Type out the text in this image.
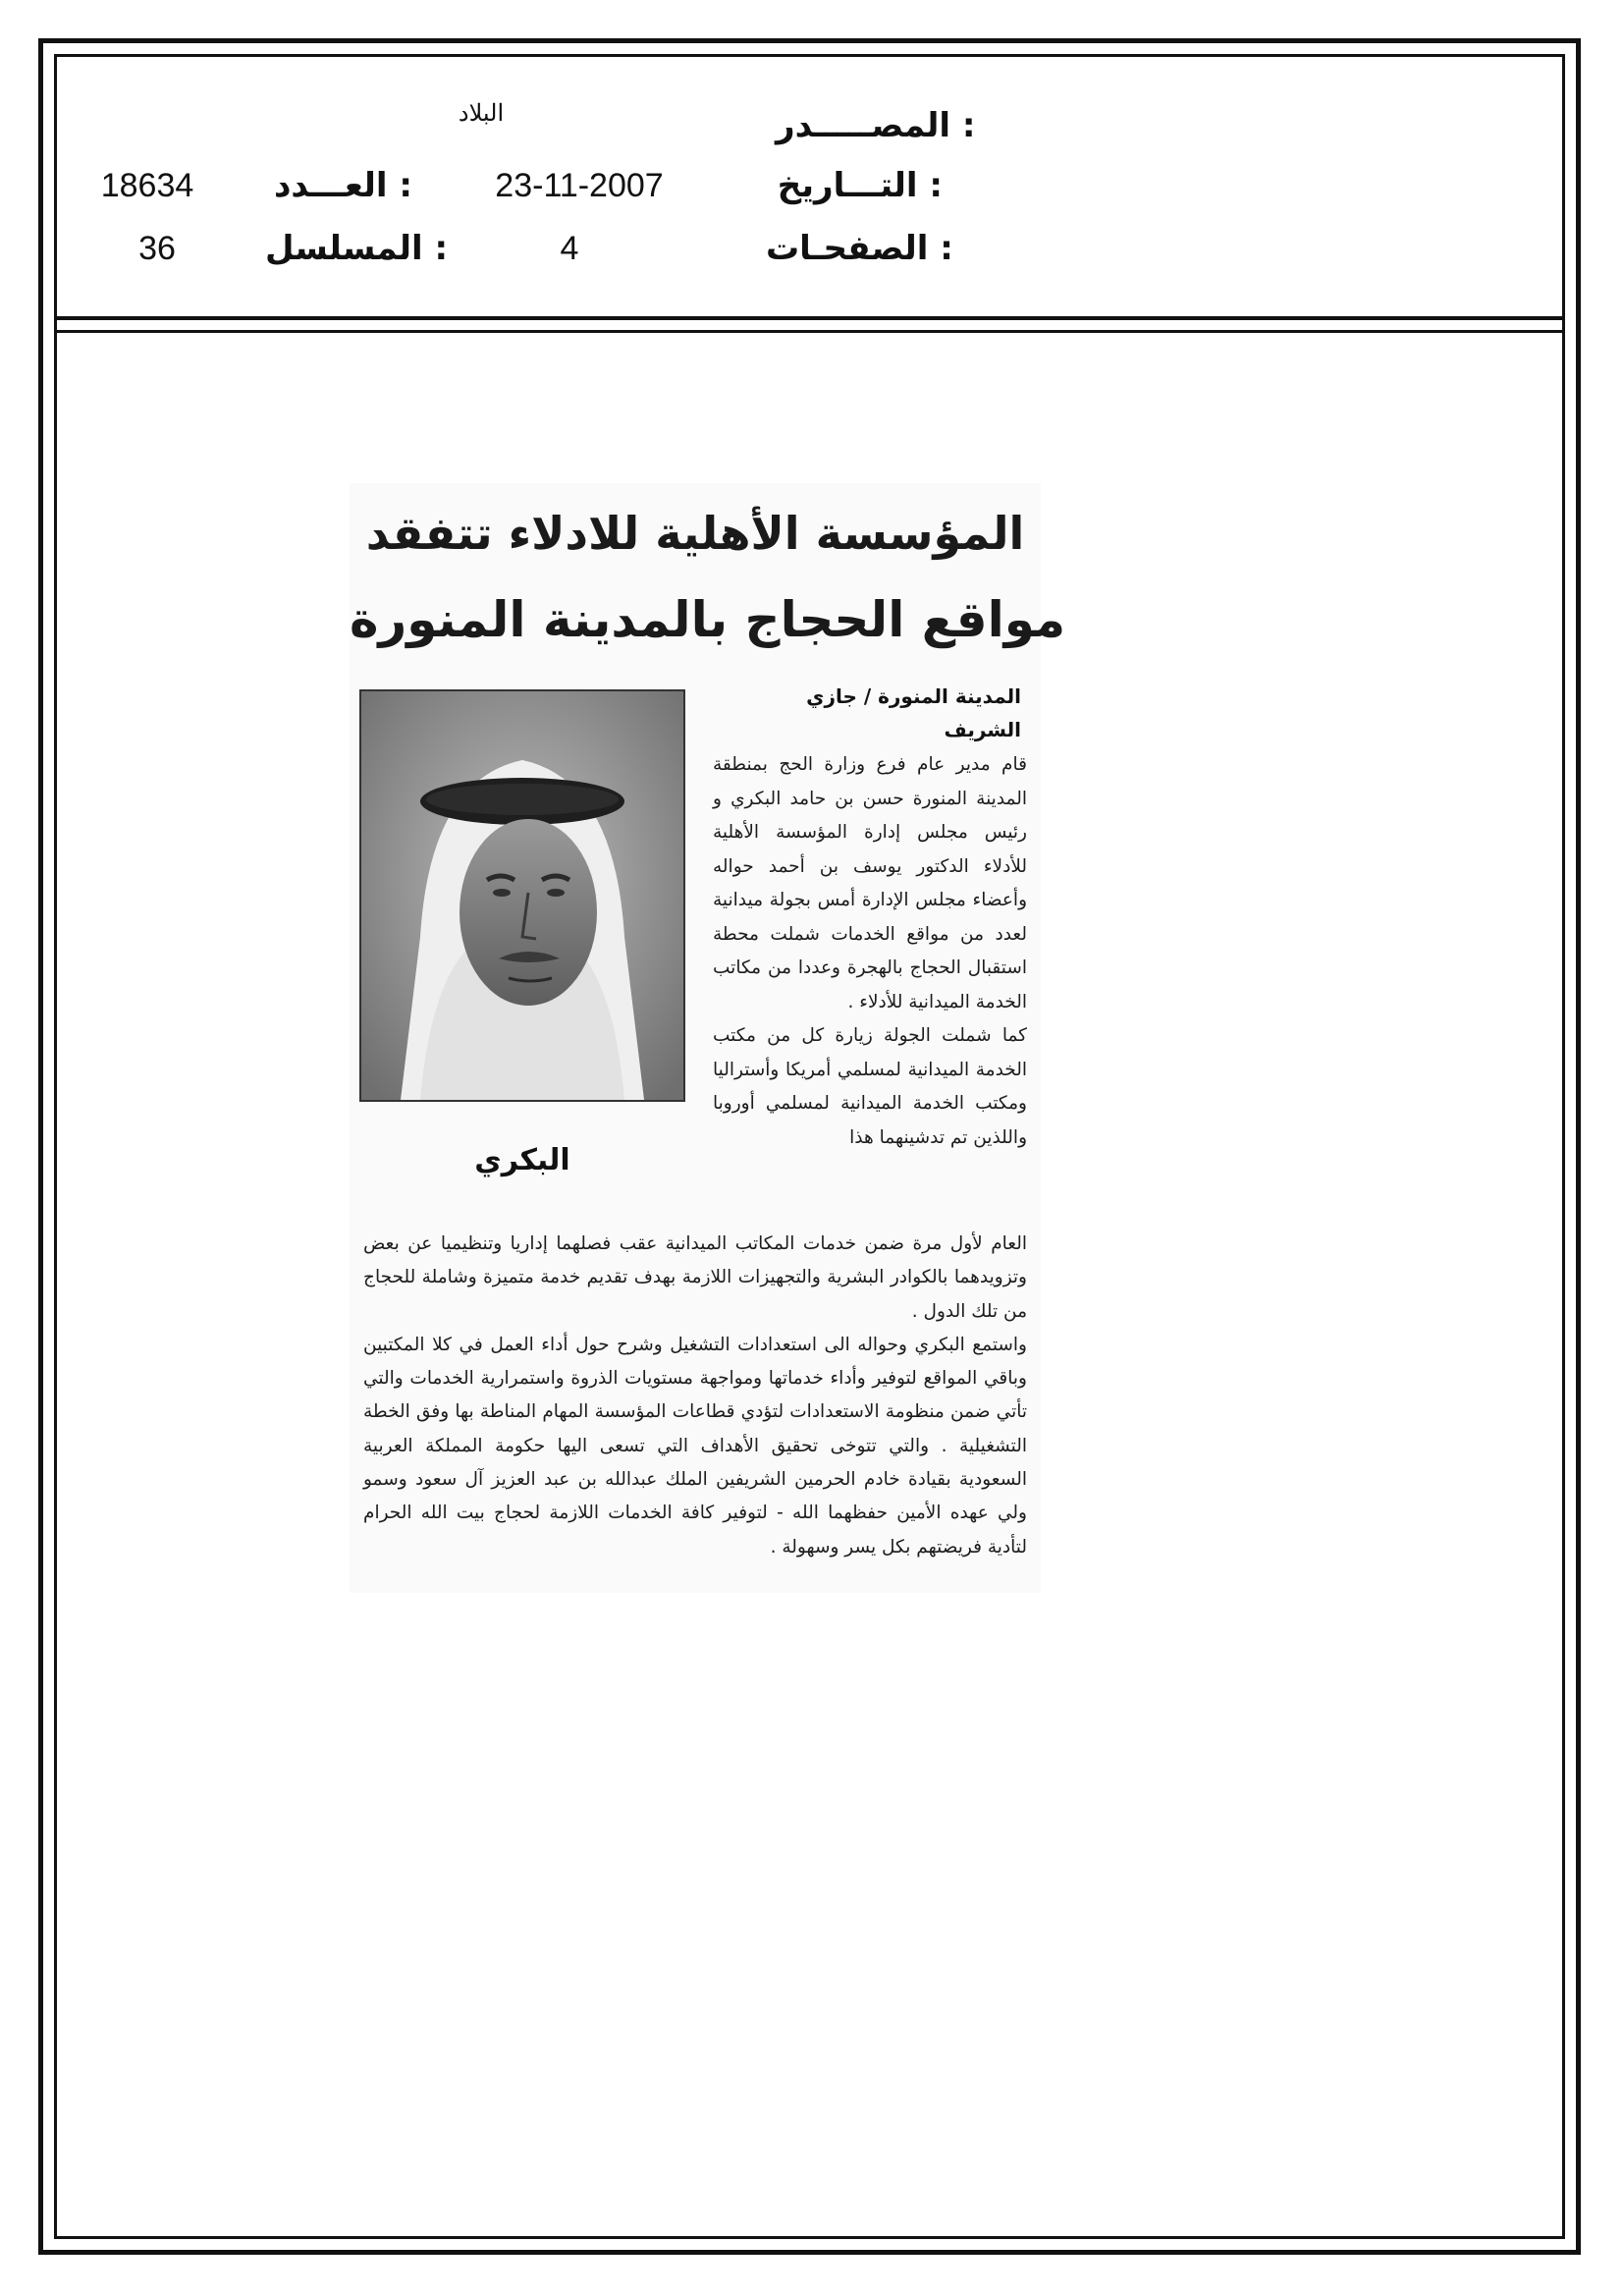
المصـــــدر :
البلاد
التـــاريخ :
23-11-2007
العـــدد :
18634
الصفحـات :
4
المسلسل :
36
المؤسسة الأهلية للادلاء تتفقد
مواقع الحجاج بالمدينة المنورة
البكري
المدينة المنورة / جازي
الشريف

قام مدير عام فرع وزارة الحج بمنطقة المدينة المنورة حسن بن حامد البكري و رئيس مجلس إدارة المؤسسة الأهلية للأدلاء الدكتور يوسف بن أحمد حواله وأعضاء مجلس الإدارة أمس بجولة ميدانية لعدد من مواقع الخدمات شملت محطة استقبال الحجاج بالهجرة وعددا من مكاتب الخدمة الميدانية للأدلاء .

كما شملت الجولة زيارة كل من مكتب الخدمة الميدانية لمسلمي أمريكا وأستراليا ومكتب الخدمة الميدانية لمسلمي أوروبا واللذين تم تدشينهما هذا

العام لأول مرة ضمن خدمات المكاتب الميدانية عقب فصلهما إداريا وتنظيميا عن بعض وتزويدهما بالكوادر البشرية والتجهيزات اللازمة بهدف تقديم خدمة متميزة وشاملة للحجاج من تلك الدول .

واستمع البكري وحواله الى استعدادات التشغيل وشرح حول أداء العمل في كلا المكتبين وباقي المواقع لتوفير وأداء خدماتها ومواجهة مستويات الذروة واستمرارية الخدمات والتي تأتي ضمن منظومة الاستعدادات لتؤدي قطاعات المؤسسة المهام المناطة بها وفق الخطة التشغيلية . والتي تتوخى تحقيق الأهداف التي تسعى اليها حكومة المملكة العربية السعودية بقيادة خادم الحرمين الشريفين الملك عبدالله بن عبد العزيز آل سعود وسمو ولي عهده الأمين حفظهما الله - لتوفير كافة الخدمات اللازمة لحجاج بيت الله الحرام لتأدية فريضتهم بكل يسر وسهولة .
